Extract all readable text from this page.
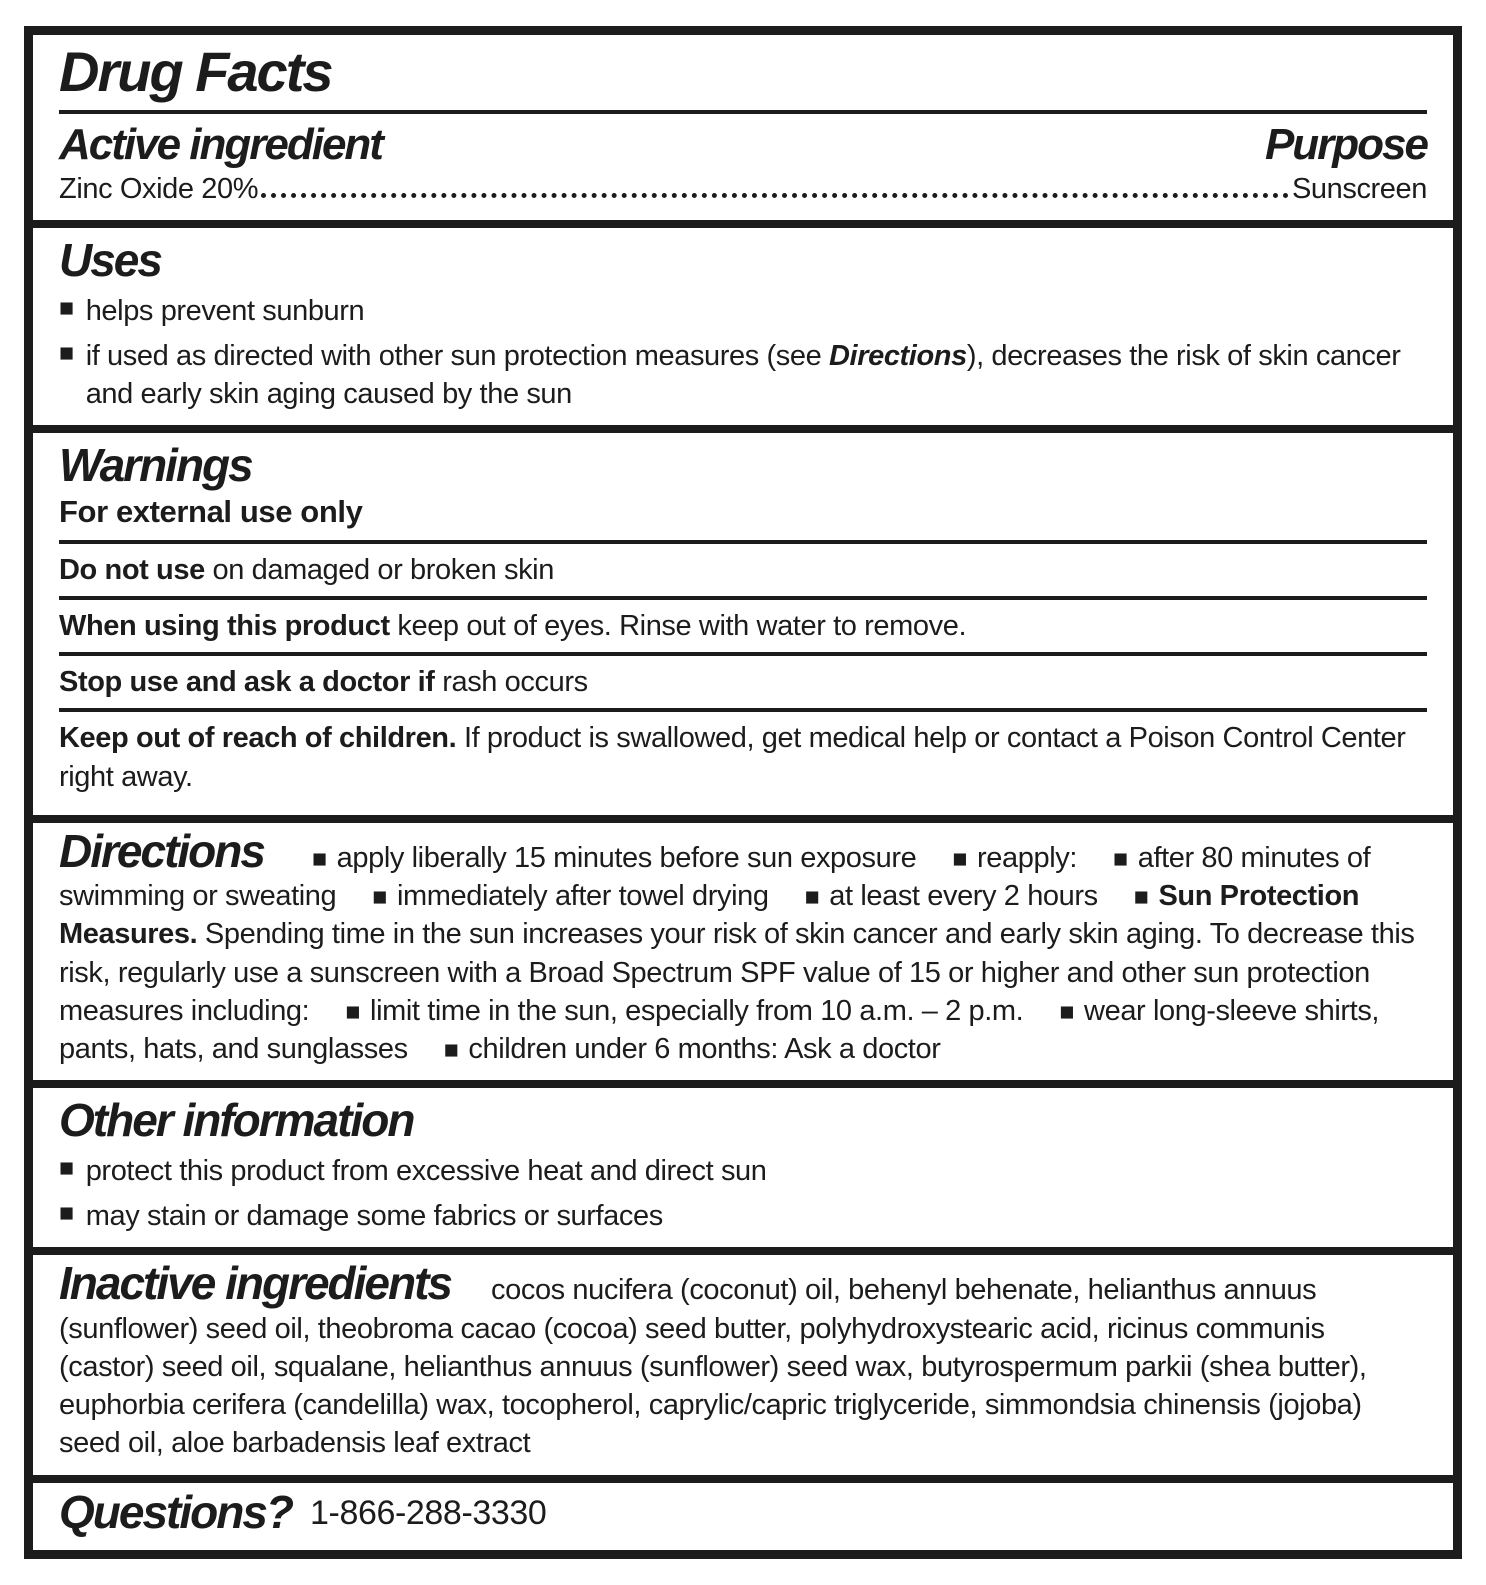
Drug Facts
Active ingredient	Purpose
Zinc Oxide 20%	Sunscreen
Uses
■ helps prevent sunburn
■ if used as directed with other sun protection measures (see Directions), decreases the risk of skin cancer and early skin aging caused by the sun
Warnings
For external use only
Do not use on damaged or broken skin
When using this product keep out of eyes. Rinse with water to remove.
Stop use and ask a doctor if rash occurs
Keep out of reach of children. If product is swallowed, get medical help or contact a Poison Control Center right away.
Directions ■ apply liberally 15 minutes before sun exposure ■ reapply: ■ after 80 minutes of swimming or sweating ■ immediately after towel drying ■ at least every 2 hours ■ Sun Protection Measures. Spending time in the sun increases your risk of skin cancer and early skin aging. To decrease this risk, regularly use a sunscreen with a Broad Spectrum SPF value of 15 or higher and other sun protection measures including: ■ limit time in the sun, especially from 10 a.m. – 2 p.m. ■ wear long-sleeve shirts, pants, hats, and sunglasses ■ children under 6 months: Ask a doctor
Other information
■ protect this product from excessive heat and direct sun
■ may stain or damage some fabrics or surfaces
Inactive ingredients cocos nucifera (coconut) oil, behenyl behenate, helianthus annuus (sunflower) seed oil, theobroma cacao (cocoa) seed butter, polyhydroxystearic acid, ricinus communis (castor) seed oil, squalane, helianthus annuus (sunflower) seed wax, butyrospermum parkii (shea butter), euphorbia cerifera (candelilla) wax, tocopherol, caprylic/capric triglyceride, simmondsia chinensis (jojoba) seed oil, aloe barbadensis leaf extract
Questions? 1-866-288-3330
